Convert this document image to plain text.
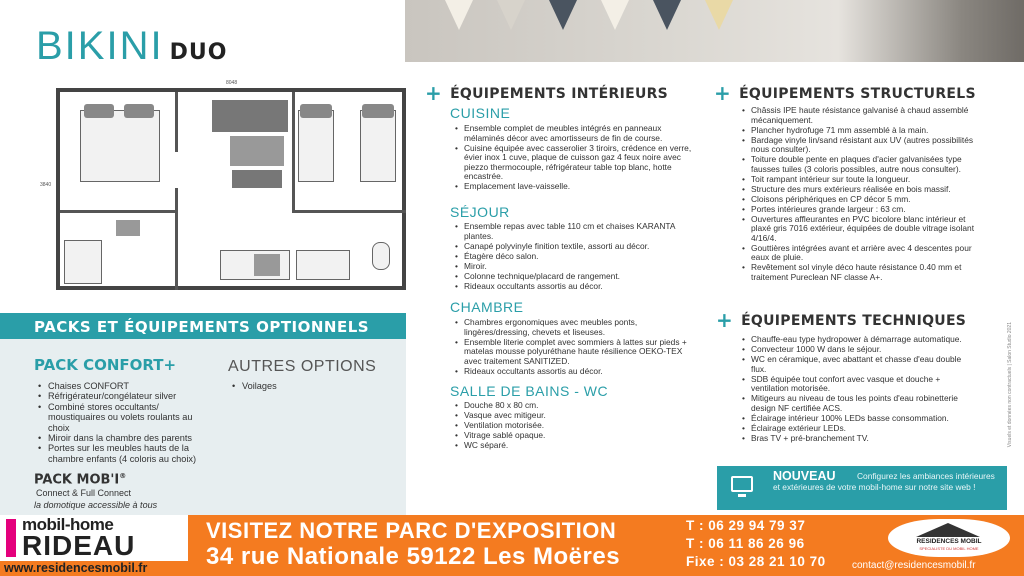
BIKINI DUO
8048
3840
PACKS ET ÉQUIPEMENTS OPTIONNELS
PACK CONFORT+
• Chaises CONFORT
• Réfrigérateur/congélateur silver
• Combiné stores occultants/ moustiquaires ou volets roulants au choix
• Miroir dans la chambre des parents
• Portes sur les meubles hauts de la chambre enfants (4 coloris au choix)
AUTRES OPTIONS
• Voilages
PACK MOB'I®
Connect & Full Connect
la domotique accessible à tous
+ ÉQUIPEMENTS INTÉRIEURS
CUISINE
• Ensemble complet de meubles intégrés en panneaux mélaminés décor avec amortisseurs de fin de course.
• Cuisine équipée avec casserolier 3 tiroirs, crédence en verre, évier inox 1 cuve, plaque de cuisson gaz 4 feux noire avec piezzo thermocouple, réfrigérateur table top blanc, hotte encastrée.
• Emplacement lave-vaisselle.
SÉJOUR
• Ensemble repas avec table 110 cm et chaises KARANTA plantes.
• Canapé polyvinyle finition textile, assorti au décor.
• Étagère déco salon.
• Miroir.
• Colonne technique/placard de rangement.
• Rideaux occultants assortis au décor.
CHAMBRE
• Chambres ergonomiques avec meubles ponts, lingères/dressing, chevets et liseuses.
• Ensemble literie complet avec sommiers à lattes sur pieds + matelas mousse polyuréthane haute résilience OEKO-TEX avec traitement SANITIZED.
• Rideaux occultants assortis au décor.
SALLE DE BAINS - WC
• Douche 80 x 80 cm.
• Vasque avec mitigeur.
• Ventilation motorisée.
• Vitrage sablé opaque.
• WC séparé.
+ ÉQUIPEMENTS STRUCTURELS
• Châssis IPE haute résistance galvanisé à chaud assemblé mécaniquement.
• Plancher hydrofuge 71 mm assemblé à la main.
• Bardage vinyle lin/sand résistant aux UV (autres possibilités nous consulter).
• Toiture double pente en plaques d'acier galvanisées type fausses tuiles (3 coloris possibles, autre nous consulter).
• Toit rampant intérieur sur toute la longueur.
• Structure des murs extérieurs réalisée en bois massif.
• Cloisons périphériques en CP décor 5 mm.
• Portes intérieures grande largeur : 63 cm.
• Ouvertures affleurantes en PVC bicolore blanc intérieur et plaxé gris 7016 extérieur, équipées de double vitrage isolant 4/16/4.
• Gouttières intégrées avant et arrière avec 4 descentes pour eaux de pluie.
• Revêtement sol vinyle déco haute résistance 0.40 mm et traitement Pureclean NF classe A+.
+ ÉQUIPEMENTS TECHNIQUES
• Chauffe-eau type hydropower à démarrage automatique.
• Convecteur 1000 W dans le séjour.
• WC en céramique, avec abattant et chasse d'eau double flux.
• SDB équipée tout confort avec vasque et douche + ventilation motorisée.
• Mitigeurs au niveau de tous les points d'eau robinetterie design NF certifiée ACS.
• Éclairage intérieur 100% LEDs basse consommation.
• Éclairage extérieur LEDs.
• Bras TV + pré-branchement TV.	Visuels et données non contractuels | Salon Studio 2021
NOUVEAU	Configurez les ambiances intérieures et extérieures de votre mobil-home sur notre site web !
mobil-home
RIDEAU
www.residencesmobil.fr
VISITEZ NOTRE PARC D'EXPOSITION
34 rue Nationale 59122 Les Moëres
T : 06 29 94 79 37
T : 06 11 86 26 96
Fixe : 03 28 21 10 70
RESIDENCES MOBIL
SPECIALISTE DU MOBIL HOME
contact@residencesmobil.fr
